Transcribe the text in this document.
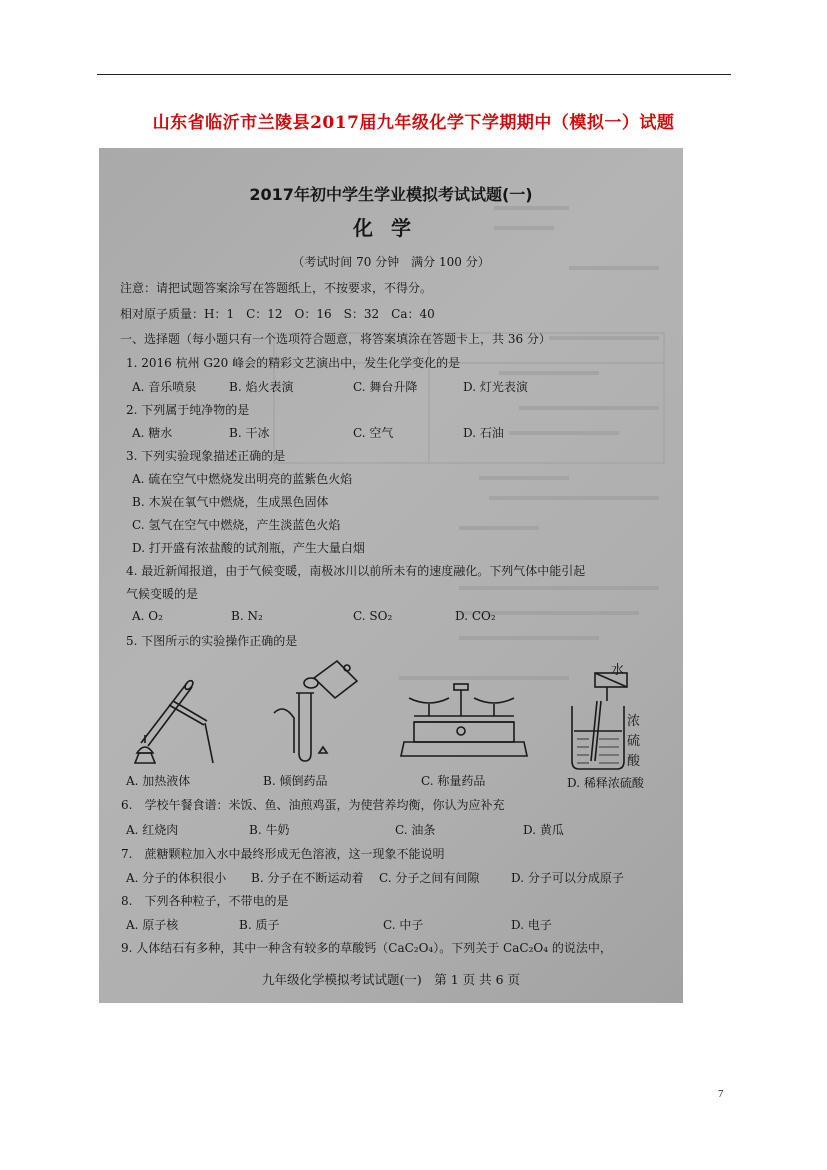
山东省临沂市兰陵县2017届九年级化学下学期期中（模拟一）试题
2017年初中学生学业模拟考试试题(一)
化学
（考试时间 70 分钟　满分 100 分）
注意：请把试题答案涂写在答题纸上，不按要求，不得分。
相对原子质量：H：1　C：12　O：16　S：32　Ca：40
一、选择题（每小题只有一个选项符合题意，将答案填涂在答题卡上，共 36 分）
1. 2016 杭州 G20 峰会的精彩文艺演出中，发生化学变化的是
A. 音乐喷泉	B. 焰火表演	C. 舞台升降	D. 灯光表演
2. 下列属于纯净物的是
A. 糖水	B. 干冰	C. 空气	D. 石油
3. 下列实验现象描述正确的是
A. 硫在空气中燃烧发出明亮的蓝紫色火焰
B. 木炭在氧气中燃烧，生成黑色固体
C. 氢气在空气中燃烧，产生淡蓝色火焰
D. 打开盛有浓盐酸的试剂瓶，产生大量白烟
4. 最近新闻报道，由于气候变暖，南极冰川以前所未有的速度融化。下列气体中能引起
气候变暖的是
A. O₂	B. N₂	C. SO₂	D. CO₂
5. 下图所示的实验操作正确的是
水
浓
硫
酸
A. 加热液体	B. 倾倒药品	C. 称量药品	D. 稀释浓硫酸
6.　学校午餐食谱：米饭、鱼、油煎鸡蛋，为使营养均衡，你认为应补充
A. 红烧肉	B. 牛奶	C. 油条	D. 黄瓜
7.　蔗糖颗粒加入水中最终形成无色溶液，这一现象不能说明
A. 分子的体积很小 B. 分子在不断运动着 C. 分子之间有间隙	D. 分子可以分成原子
8.　下列各种粒子，不带电的是
A. 原子核	B. 质子	C. 中子	D. 电子
9. 人体结石有多种，其中一种含有较多的草酸钙（CaC₂O₄）。下列关于 CaC₂O₄ 的说法中，
九年级化学模拟考试试题(一)　第 1 页 共 6 页
7
